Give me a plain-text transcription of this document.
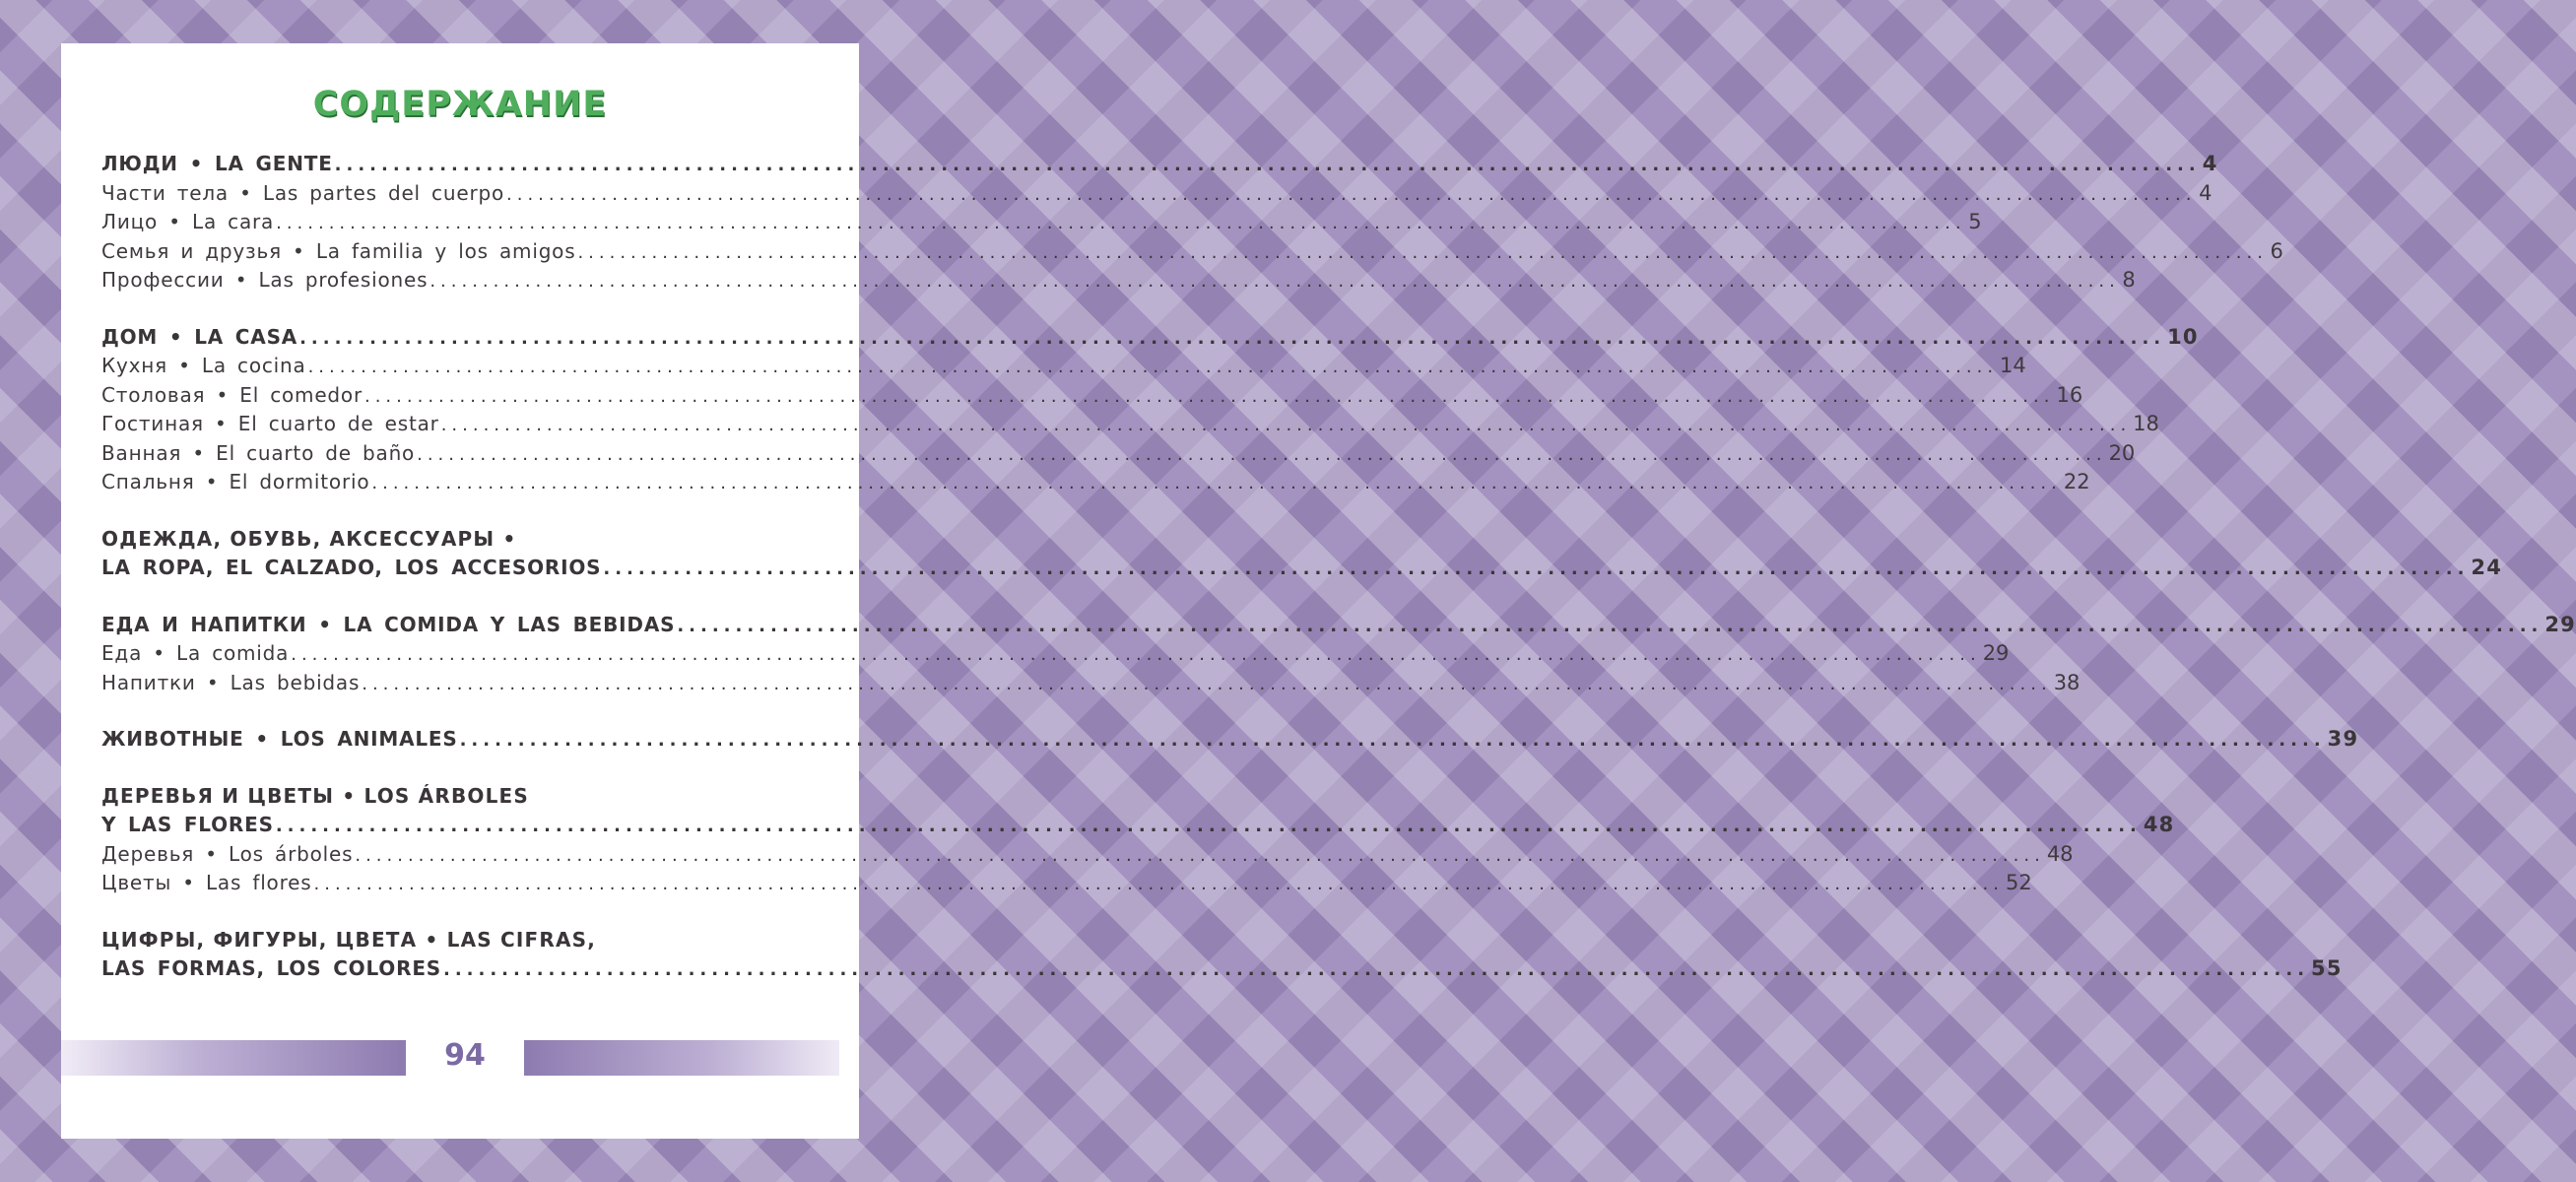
СОДЕРЖАНИЕ
ЛЮДИ • LA GENTE ................................................................................................................................................................ 4
Части тела • Las partes del cuerpo ................................................................................................................................................................ 4
Лицо • La cara ................................................................................................................................................................ 5
Семья и друзья • La familia y los amigos ................................................................................................................................................................ 6
Профессии • Las profesiones ................................................................................................................................................................ 8
ДОМ • LA CASA ................................................................................................................................................................ 10
Кухня • La cocina ................................................................................................................................................................ 14
Столовая • El comedor ................................................................................................................................................................ 16
Гостиная • El cuarto de estar ................................................................................................................................................................ 18
Ванная • El cuarto de baño ................................................................................................................................................................ 20
Спальня • El dormitorio ................................................................................................................................................................ 22
ОДЕЖДА, ОБУВЬ, АКСЕССУАРЫ •
LA ROPA, EL CALZADO, LOS ACCESORIOS ................................................................................................................................................................ 24
ЕДА И НАПИТКИ • LA COMIDA Y LAS BEBIDAS ................................................................................................................................................................ 29
Еда • La comida ................................................................................................................................................................ 29
Напитки • Las bebidas ................................................................................................................................................................ 38
ЖИВОТНЫЕ • LOS ANIMALES ................................................................................................................................................................ 39
ДЕРЕВЬЯ И ЦВЕТЫ • LOS ÁRBOLES
Y LAS FLORES ................................................................................................................................................................ 48
Деревья • Los árboles ................................................................................................................................................................ 48
Цветы • Las flores ................................................................................................................................................................ 52
ЦИФРЫ, ФИГУРЫ, ЦВЕТА • LAS CIFRAS,
LAS FORMAS, LOS COLORES ................................................................................................................................................................ 55
94
